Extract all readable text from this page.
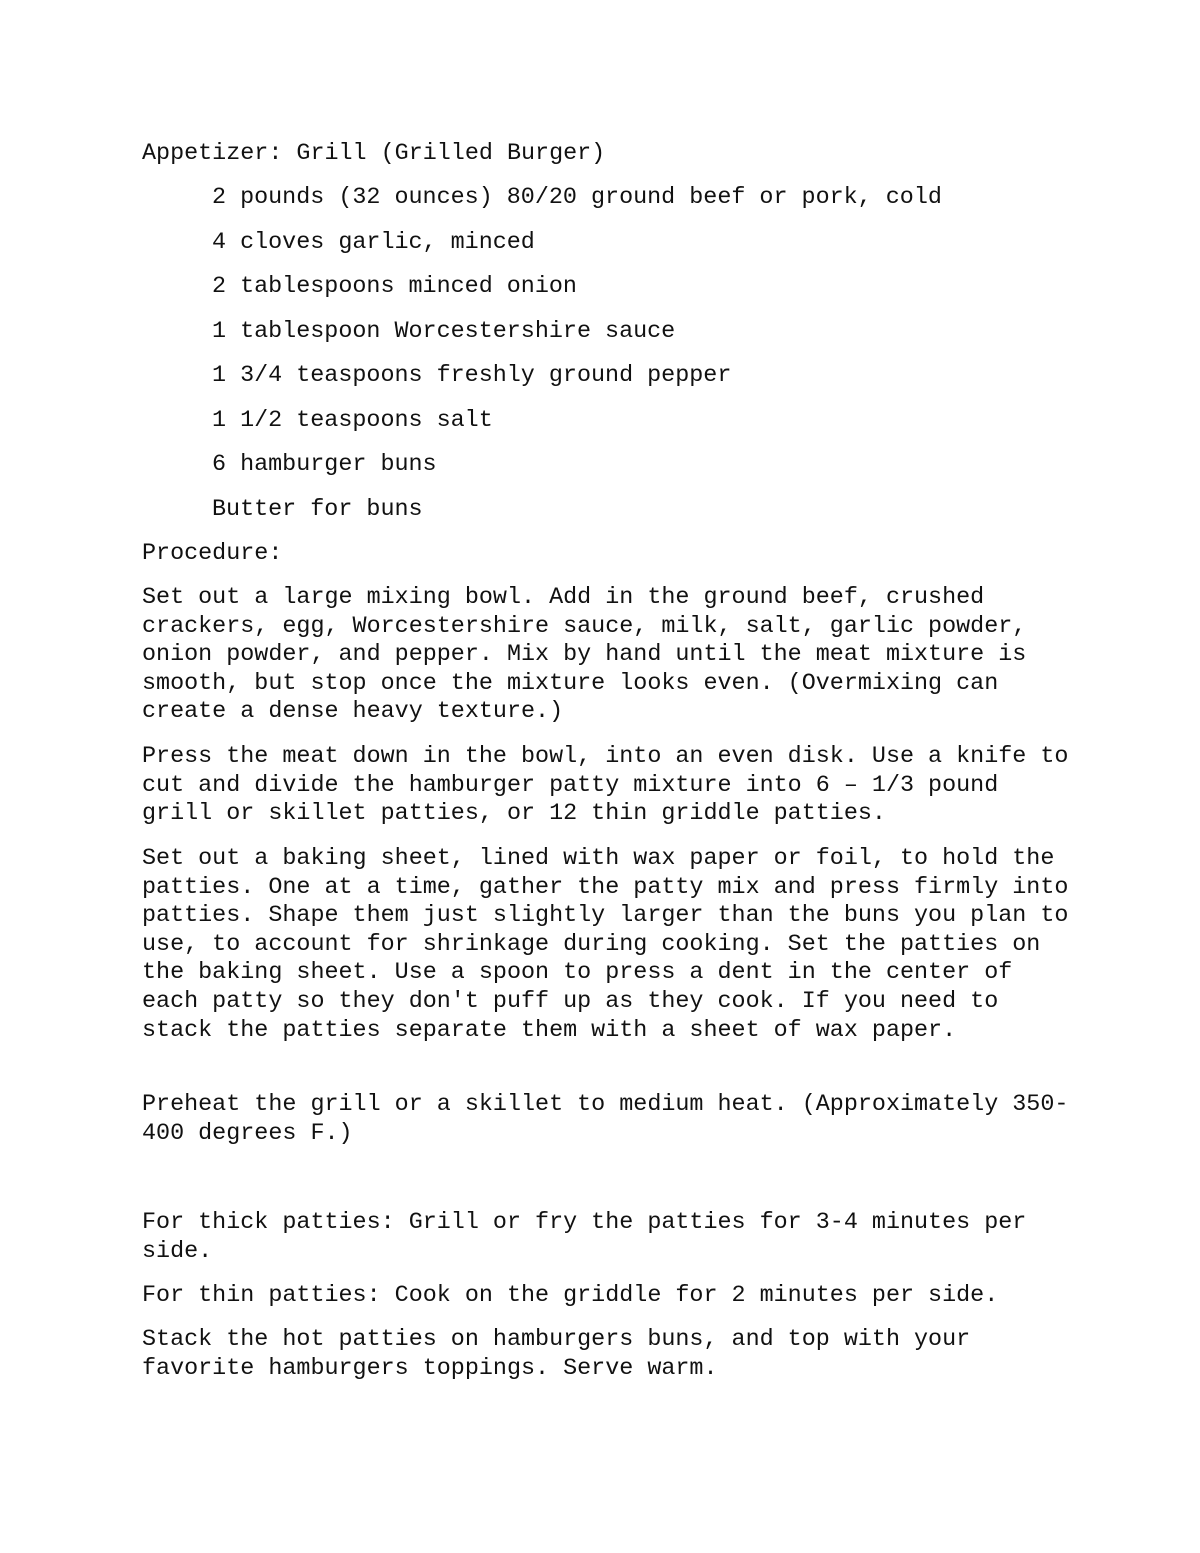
Appetizer: Grill (Grilled Burger)
2 pounds (32 ounces) 80/20 ground beef or pork, cold
4 cloves garlic, minced
2 tablespoons minced onion
1 tablespoon Worcestershire sauce
1 3/4 teaspoons freshly ground pepper
1 1/2 teaspoons salt
6 hamburger buns
Butter for buns
Procedure:
Set out a large mixing bowl. Add in the ground beef, crushed crackers, egg, Worcestershire sauce, milk, salt, garlic powder, onion powder, and pepper. Mix by hand until the meat mixture is smooth, but stop once the mixture looks even. (Overmixing can create a dense heavy texture.)
Press the meat down in the bowl, into an even disk. Use a knife to cut and divide the hamburger patty mixture into 6 – 1/3 pound grill or skillet patties, or 12 thin griddle patties.
Set out a baking sheet, lined with wax paper or foil, to hold the patties. One at a time, gather the patty mix and press firmly into patties. Shape them just slightly larger than the buns you plan to use, to account for shrinkage during cooking. Set the patties on the baking sheet. Use a spoon to press a dent in the center of each patty so they don't puff up as they cook. If you need to stack the patties separate them with a sheet of wax paper.
Preheat the grill or a skillet to medium heat. (Approximately 350-400 degrees F.)
For thick patties: Grill or fry the patties for 3-4 minutes per side.
For thin patties: Cook on the griddle for 2 minutes per side.
Stack the hot patties on hamburgers buns, and top with your favorite hamburgers toppings. Serve warm.
